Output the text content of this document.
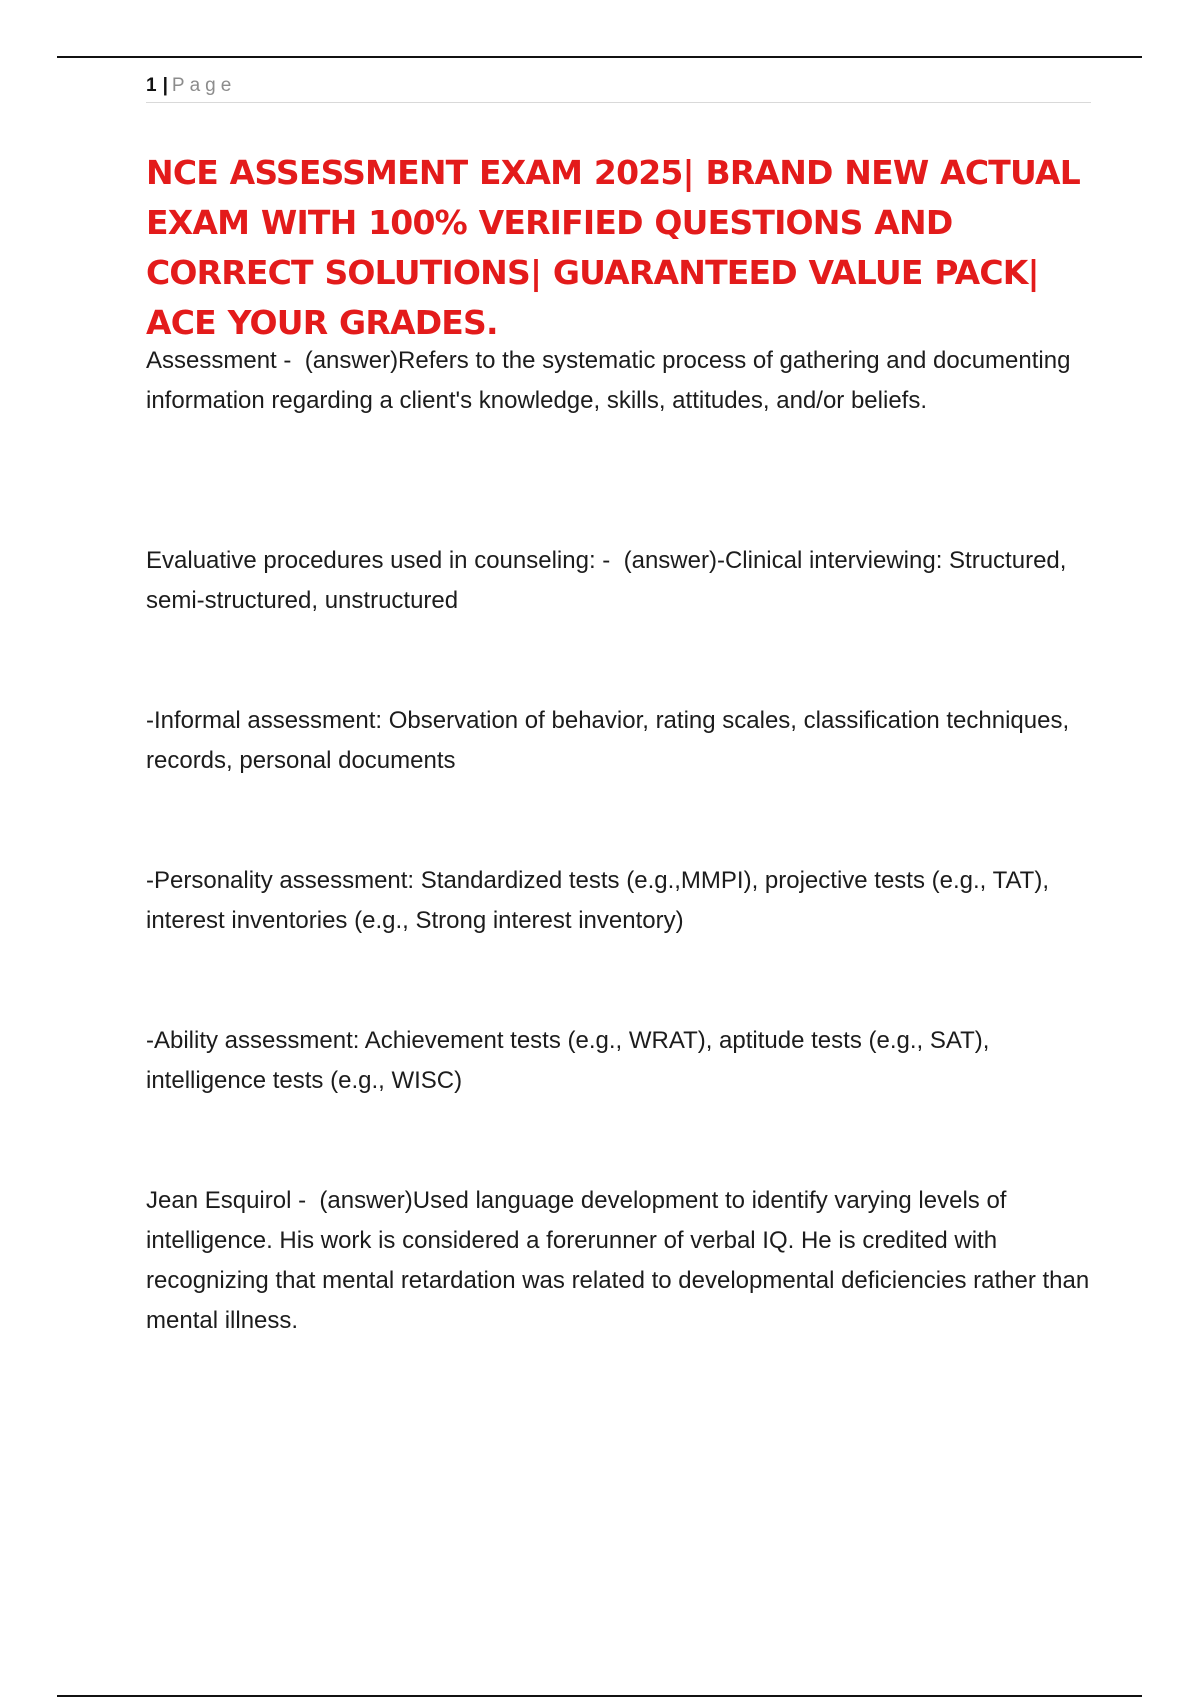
1 | Page
NCE ASSESSMENT EXAM 2025| BRAND NEW ACTUAL EXAM WITH 100% VERIFIED QUESTIONS AND CORRECT SOLUTIONS| GUARANTEED VALUE PACK| ACE YOUR GRADES.

Assessment -  (answer)Refers to the systematic process of gathering and documenting information regarding a client's knowledge, skills, attitudes, and/or beliefs.

Evaluative procedures used in counseling: -  (answer)-Clinical interviewing: Structured, semi-structured, unstructured

-Informal assessment: Observation of behavior, rating scales, classification techniques, records, personal documents

-Personality assessment: Standardized tests (e.g.,MMPI), projective tests (e.g., TAT), interest inventories (e.g., Strong interest inventory)

-Ability assessment: Achievement tests (e.g., WRAT), aptitude tests (e.g., SAT), intelligence tests (e.g., WISC)

Jean Esquirol -  (answer)Used language development to identify varying levels of intelligence. His work is considered a forerunner of verbal IQ. He is credited with recognizing that mental retardation was related to developmental deficiencies rather than mental illness.
